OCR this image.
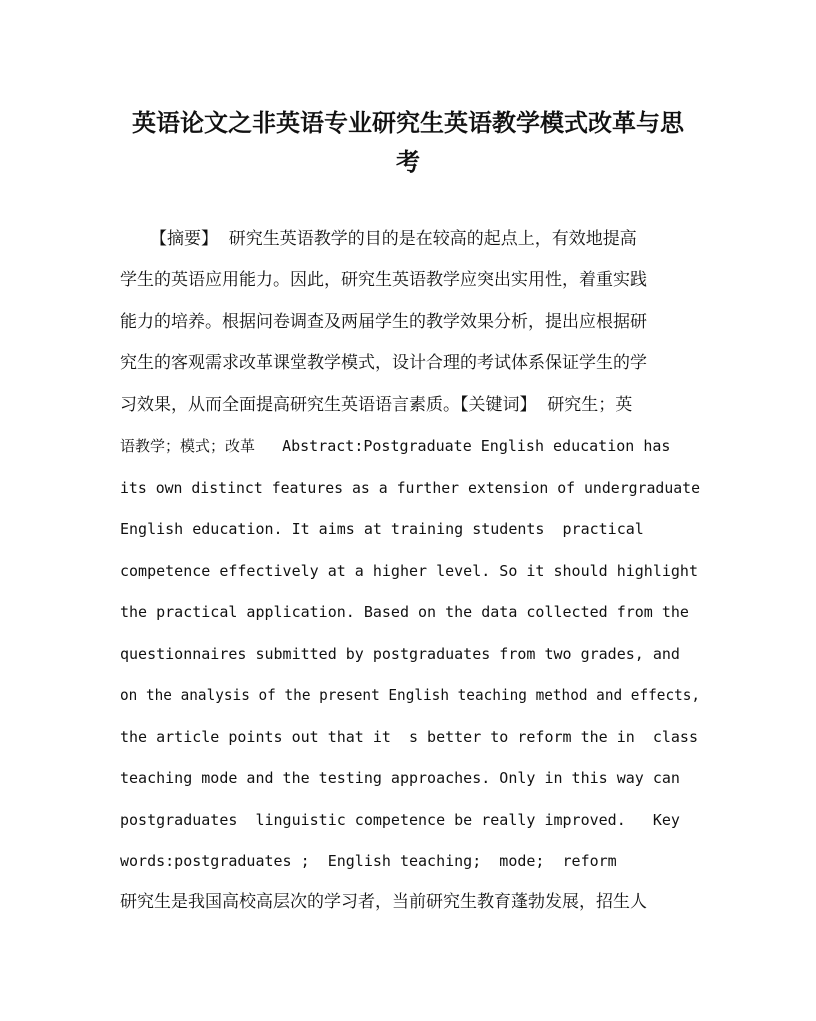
英语论文之非英语专业研究生英语教学模式改革与思
考
【摘要】  研究生英语教学的目的是在较高的起点上，有效地提高
学生的英语应用能力。因此，研究生英语教学应突出实用性，着重实践
能力的培养。根据问卷调查及两届学生的教学效果分析，提出应根据研
究生的客观需求改革课堂教学模式，设计合理的考试体系保证学生的学
习效果，从而全面提高研究生英语语言素质。【关键词】  研究生；英
语教学；模式；改革   Abstract:Postgraduate English education has
its own distinct features as a further extension of undergraduate
English education. It aims at training students  practical
competence effectively at a higher level. So it should highlight
the practical application. Based on the data collected from the
questionnaires submitted by postgraduates from two grades, and
on the analysis of the present English teaching method and effects,
the article points out that it  s better to reform the in  class
teaching mode and the testing approaches. Only in this way can
postgraduates  linguistic competence be really improved.   Key
words:postgraduates ;  English teaching;  mode;  reform
研究生是我国高校高层次的学习者，当前研究生教育蓬勃发展，招生人
